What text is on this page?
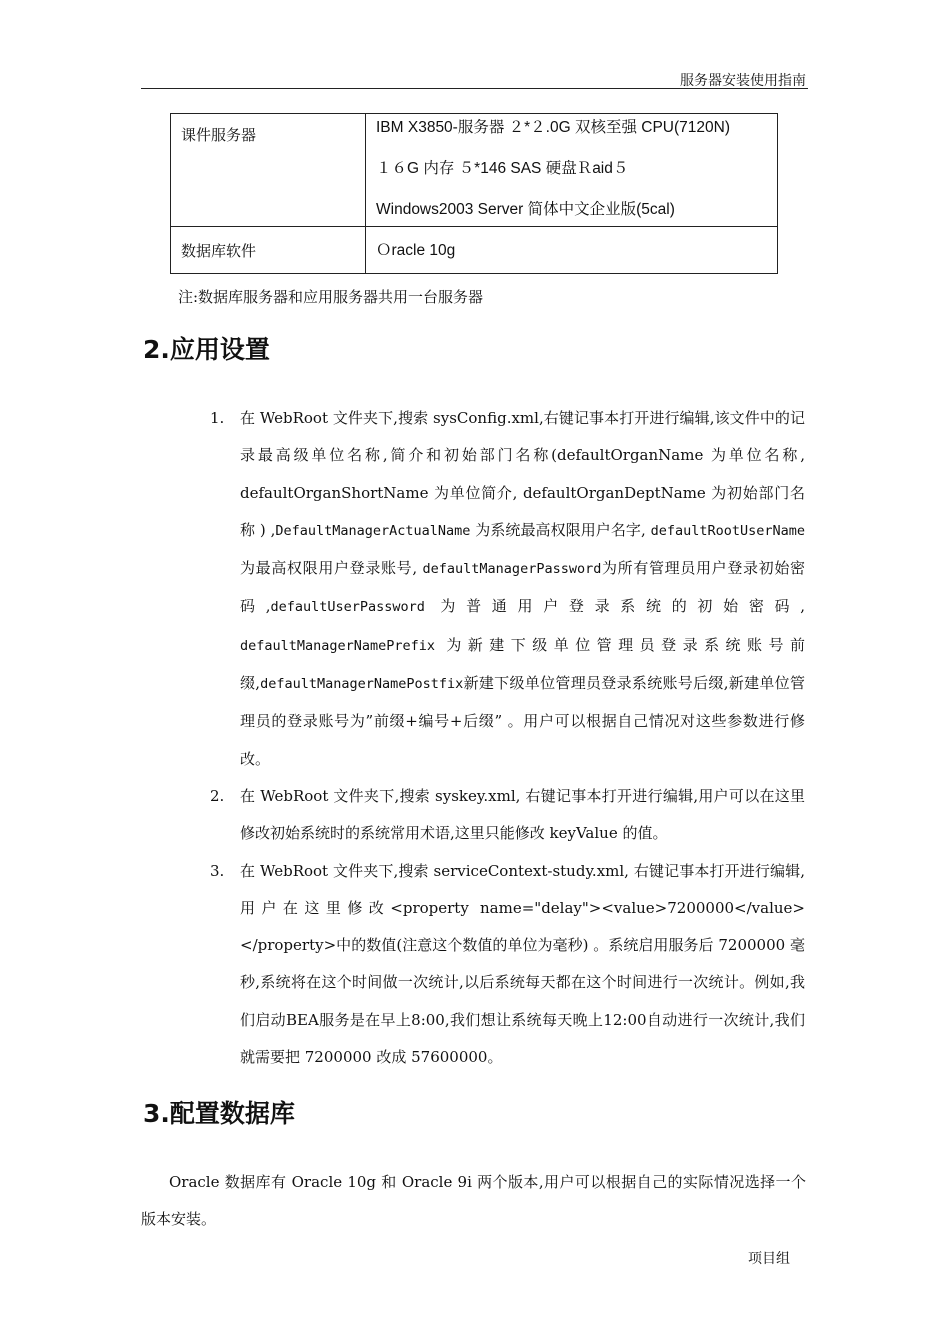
服务器安装使用指南
课件服务器	IBM X3850-服务器 ２*２.0G 双核至强 CPU(7120N)
１６G 内存 ５*146 SAS 硬盘Ｒaid５
Windows2003 Server 简体中文企业版(5cal)

数据库软件	Ｏracle 10g
注:数据库服务器和应用服务器共用一台服务器
2.应用设置
1. 在 WebRoot 文件夹下,搜索 sysConfig.xml,右键记事本打开进行编辑,该文件中的记录最高级单位名称,简介和初始部门名称(defaultOrganName 为单位名称, defaultOrganShortName 为单位简介, defaultOrganDeptName 为初始部门名称 ) ,DefaultManagerActualName 为系统最高权限用户名字, defaultRootUserName为最高权限用户登录账号, defaultManagerPassword为所有管理员用户登录初始密码,defaultUserPassword 为普通用户登录系统的初始密码, defaultManagerNamePrefix 为新建下级单位管理员登录系统账号前缀,defaultManagerNamePostfix新建下级单位管理员登录系统账号后缀,新建单位管理员的登录账号为”前缀+编号+后缀” 。用户可以根据自己情况对这些参数进行修改。
2. 在 WebRoot 文件夹下,搜索 syskey.xml, 右键记事本打开进行编辑,用户可以在这里修改初始系统时的系统常用术语,这里只能修改 keyValue 的值。
3. 在 WebRoot 文件夹下,搜索 serviceContext-study.xml, 右键记事本打开进行编辑,用户在这里修改<property name="delay"><value>7200000</value></property>中的数值(注意这个数值的单位为毫秒) 。系统启用服务后 7200000 毫秒,系统将在这个时间做一次统计,以后系统每天都在这个时间进行一次统计。例如,我们启动BEA服务是在早上8:00,我们想让系统每天晚上12:00自动进行一次统计,我们就需要把 7200000 改成 57600000。
3.配置数据库

Oracle 数据库有 Oracle 10g 和 Oracle 9i 两个版本,用户可以根据自己的实际情况选择一个版本安装。

项目组
